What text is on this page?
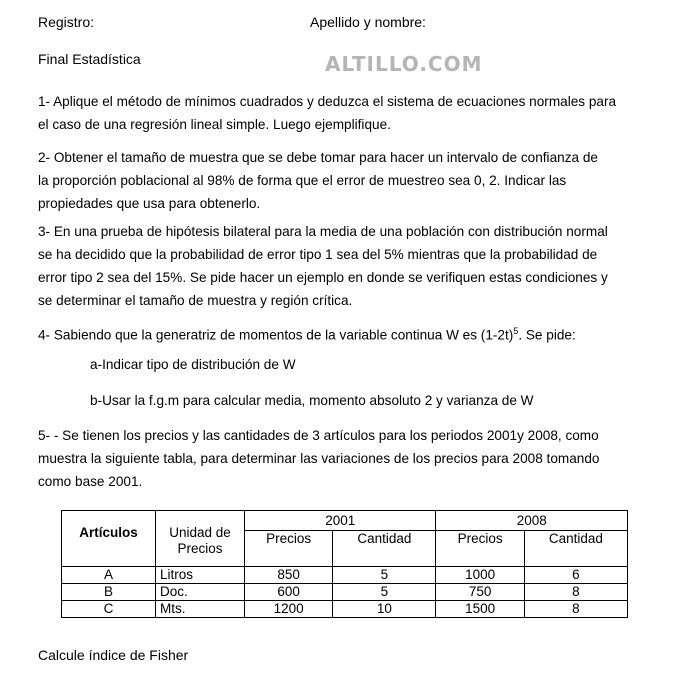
Registro:	Apellido y nombre:
Final Estadística	ALTILLO.COM

1- Aplique el método de mínimos cuadrados y deduzca el sistema de ecuaciones normales para

el caso de una regresión lineal simple. Luego ejemplifique.

2- Obtener el tamaño de muestra que se debe tomar para hacer un intervalo de confianza de

la proporción poblacional al 98% de forma que el error de muestreo sea 0, 2. Indicar las

propiedades que usa para obtenerlo.

3- En una prueba de hipótesis bilateral para la media de una población con distribución normal

se ha decidido que la probabilidad de error tipo 1 sea del 5% mientras que la probabilidad de

error tipo 2 sea del 15%. Se pide hacer un ejemplo en donde se verifiquen estas condiciones y

se determinar el tamaño de muestra y región crítica.

4- Sabiendo que la generatriz de momentos de la variable continua W es $(1-2t)^5$. Se pide:

a-Indicar tipo de distribución de W
b-Usar la f.g.m para calcular media, momento absoluto 2 y varianza de W

5- - Se tienen los precios y las cantidades de 3 artículos para los periodos 2001y 2008, como

muestra la siguiente tabla, para determinar las variaciones de los precios para 2008 tomando

como base 2001.

Artículos	Unidad de Precios	2001		2008	
		Precios	Cantidad	Precios	Cantidad
A	Litros	850	5	1000	6
B	Doc.	600	5	750	8
C	Mts.	1200	10	1500	8
Calcule índice de Fisher
